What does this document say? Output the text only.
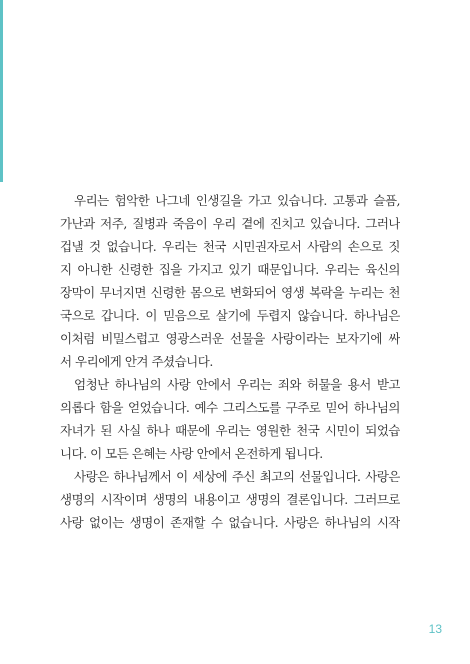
우리는 험악한 나그네 인생길을 가고 있습니다. 고통과 슬픔,
가난과 저주, 질병과 죽음이 우리 곁에 진치고 있습니다. 그러나
겁낼 것 없습니다. 우리는 천국 시민권자로서 사람의 손으로 짓
지 아니한 신령한 집을 가지고 있기 때문입니다. 우리는 육신의
장막이 무너지면 신령한 몸으로 변화되어 영생 복락을 누리는 천
국으로 갑니다. 이 믿음으로 살기에 두렵지 않습니다. 하나님은
이처럼 비밀스럽고 영광스러운 선물을 사랑이라는 보자기에 싸
서 우리에게 안겨 주셨습니다.
엄청난 하나님의 사랑 안에서 우리는 죄와 허물을 용서 받고
의롭다 함을 얻었습니다. 예수 그리스도를 구주로 믿어 하나님의
자녀가 된 사실 하나 때문에 우리는 영원한 천국 시민이 되었습
니다. 이 모든 은혜는 사랑 안에서 온전하게 됩니다.
사랑은 하나님께서 이 세상에 주신 최고의 선물입니다. 사랑은
생명의 시작이며 생명의 내용이고 생명의 결론입니다. 그러므로
사랑 없이는 생명이 존재할 수 없습니다. 사랑은 하나님의 시작
13
